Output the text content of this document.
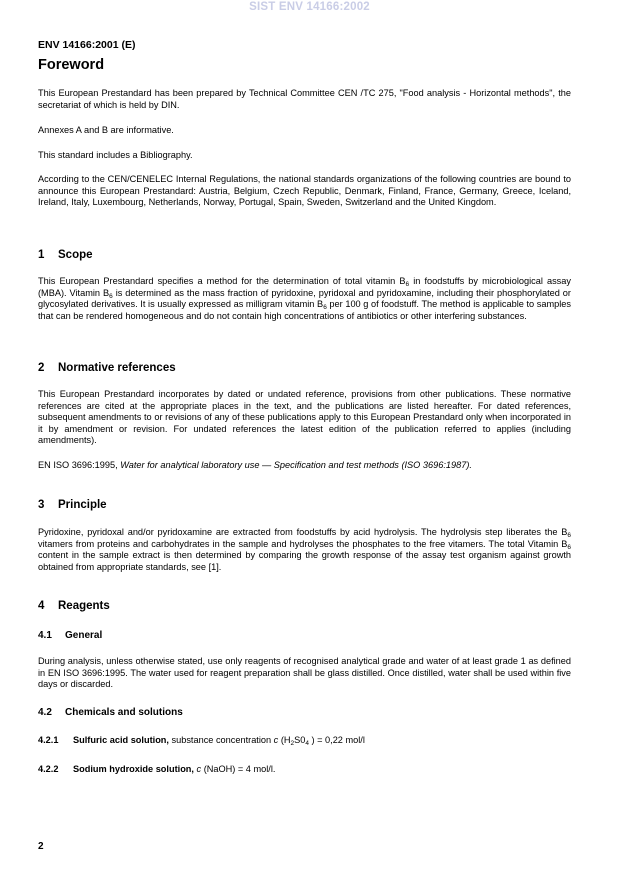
SIST ENV 14166:2002
ENV 14166:2001 (E)
Foreword

This European Prestandard has been prepared by Technical Committee CEN /TC 275, "Food analysis - Horizontal methods", the secretariat of which is held by DIN.

Annexes A and B are informative.

This standard includes a Bibliography.

According to the CEN/CENELEC Internal Regulations, the national standards organizations of the following countries are bound to announce this European Prestandard: Austria, Belgium, Czech Republic, Denmark, Finland, France, Germany, Greece, Iceland, Ireland, Italy, Luxembourg, Netherlands, Norway, Portugal, Spain, Sweden, Switzerland and the United Kingdom.

1 Scope

This European Prestandard specifies a method for the determination of total vitamin $B_6$ in foodstuffs by microbiological assay (MBA). Vitamin $B_6$ is determined as the mass fraction of pyridoxine, pyridoxal and pyridoxamine, including their phosphorylated or glycosylated derivatives. It is usually expressed as milligram vitamin $B_6$ per 100 g of foodstuff. The method is applicable to samples that can be rendered homogeneous and do not contain high concentrations of antibiotics or other interfering substances.

2 Normative references

This European Prestandard incorporates by dated or undated reference, provisions from other publications. These normative references are cited at the appropriate places in the text, and the publications are listed hereafter. For dated references, subsequent amendments to or revisions of any of these publications apply to this European Prestandard only when incorporated in it by amendment or revision. For undated references the latest edition of the publication referred to applies (including amendments).

EN ISO 3696:1995, Water for analytical laboratory use — Specification and test methods (ISO 3696:1987).

3 Principle

Pyridoxine, pyridoxal and/or pyridoxamine are extracted from foodstuffs by acid hydrolysis. The hydrolysis step liberates the $B_6$ vitamers from proteins and carbohydrates in the sample and hydrolyses the phosphates to the free vitamers. The total Vitamin $B_6$ content in the sample extract is then determined by comparing the growth response of the assay test organism against growth obtained from appropriate standards, see [1].

4 Reagents
4.1 General

During analysis, unless otherwise stated, use only reagents of recognised analytical grade and water of at least grade 1 as defined in EN ISO 3696:1995. The water used for reagent preparation shall be glass distilled. Once distilled, water shall be used within five days or discarded.

4.2 Chemicals and solutions
4.2.1 Sulfuric acid solution, substance concentration c ($H_2S0_4$ ) = 0,22 mol/l
4.2.2 Sodium hydroxide solution, c (NaOH) = 4 mol/l.
2
